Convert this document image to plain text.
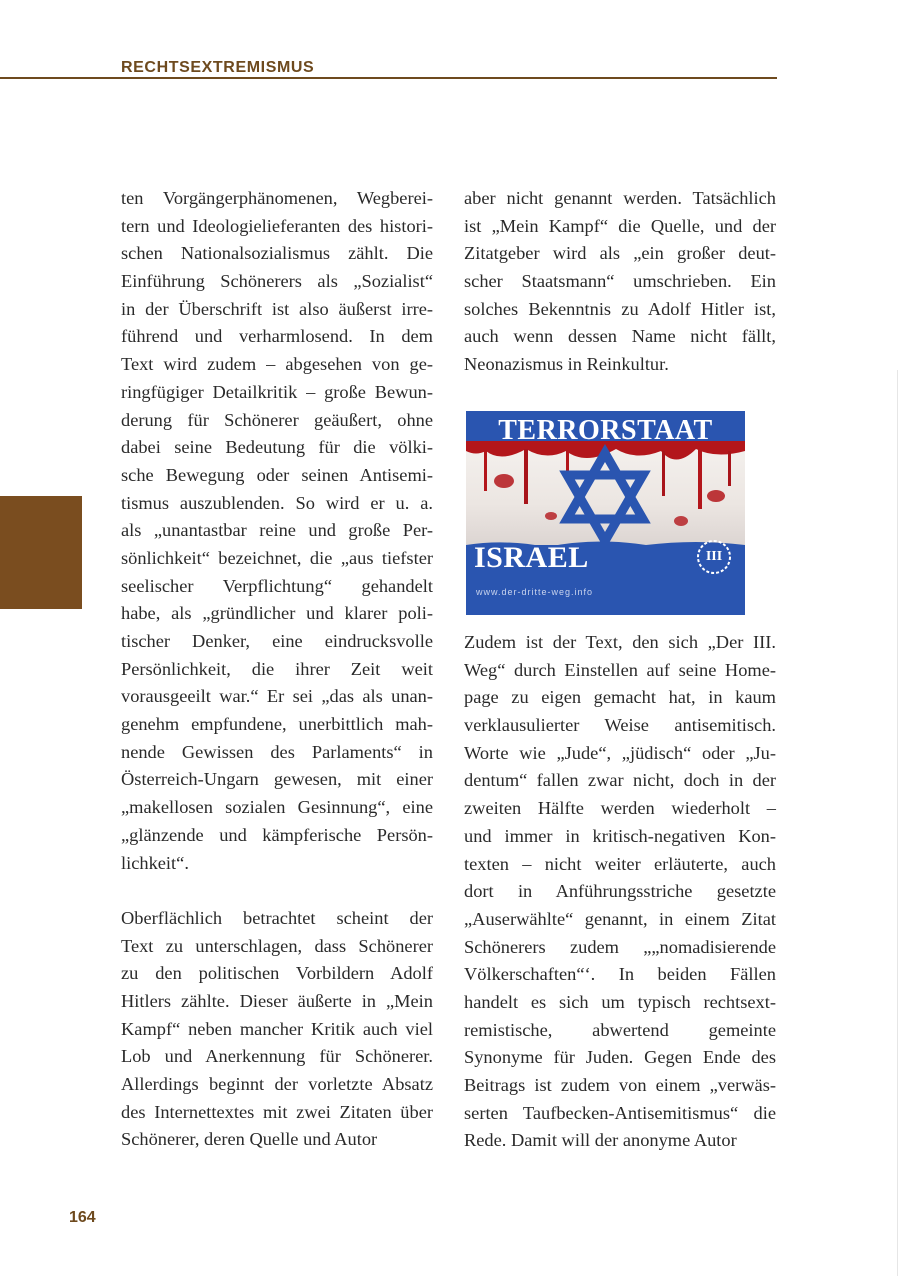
RECHTSEXTREMISMUS
ten Vorgängerphänomenen, Wegberei-
tern und Ideologielieferanten des histori-
schen Nationalsozialismus zählt. Die
Einführung Schönerers als „Sozialist“
in der Überschrift ist also äußerst irre-
führend und verharmlosend. In dem
Text wird zudem – abgesehen von ge-
ringfügiger Detailkritik – große Bewun-
derung für Schönerer geäußert, ohne
dabei seine Bedeutung für die völki-
sche Bewegung oder seinen Antisemi-
tismus auszublenden. So wird er u. a.
als „unantastbar reine und große Per-
sönlichkeit“ bezeichnet, die „aus tiefster
seelischer Verpflichtung“ gehandelt
habe, als „gründlicher und klarer poli-
tischer Denker, eine eindrucksvolle
Persönlichkeit, die ihrer Zeit weit
vorausgeeilt war.“ Er sei „das als unan-
genehm empfundene, unerbittlich mah-
nende Gewissen des Parlaments“ in
Österreich-Ungarn gewesen, mit einer
„makellosen sozialen Gesinnung“, eine
„glänzende und kämpferische Persön-
lichkeit“.
Oberflächlich betrachtet scheint der
Text zu unterschlagen, dass Schönerer
zu den politischen Vorbildern Adolf
Hitlers zählte. Dieser äußerte in „Mein
Kampf“ neben mancher Kritik auch viel
Lob und Anerkennung für Schönerer.
Allerdings beginnt der vorletzte Absatz
des Internettextes mit zwei Zitaten über
Schönerer, deren Quelle und Autor
aber nicht genannt werden. Tatsächlich
ist „Mein Kampf“ die Quelle, und der
Zitatgeber wird als „ein großer deut-
scher Staatsmann“ umschrieben. Ein
solches Bekenntnis zu Adolf Hitler ist,
auch wenn dessen Name nicht fällt,
Neonazismus in Reinkultur.
TERRORSTAAT
ISRAEL	III
www.der-dritte-weg.info
Zudem ist der Text, den sich „Der III.
Weg“ durch Einstellen auf seine Home-
page zu eigen gemacht hat, in kaum
verklausulierter Weise antisemitisch.
Worte wie „Jude“, „jüdisch“ oder „Ju-
dentum“ fallen zwar nicht, doch in der
zweiten Hälfte werden wiederholt –
und immer in kritisch-negativen Kon-
texten – nicht weiter erläuterte, auch
dort in Anführungsstriche gesetzte
„Auserwählte“ genannt, in einem Zitat
Schönerers zudem „„nomadisierende
Völkerschaften“‘. In beiden Fällen
handelt es sich um typisch rechtsext-
remistische, abwertend gemeinte
Synonyme für Juden. Gegen Ende des
Beitrags ist zudem von einem „verwäs-
serten Taufbecken-Antisemitismus“ die
Rede. Damit will der anonyme Autor
164
